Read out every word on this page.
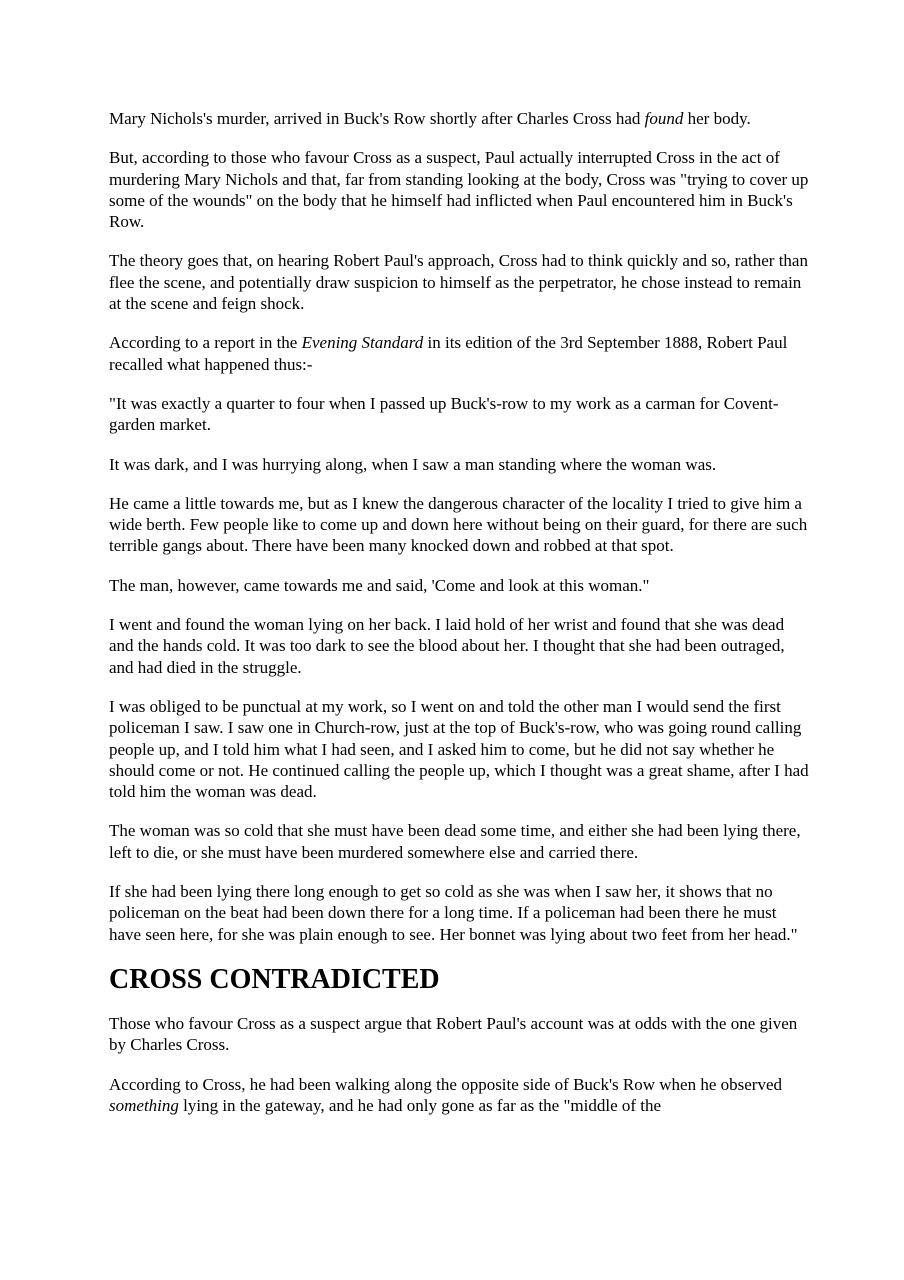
Mary Nichols's murder, arrived in Buck's Row shortly after Charles Cross had found her body.

But, according to those who favour Cross as a suspect, Paul actually interrupted Cross in the act of murdering Mary Nichols and that, far from standing looking at the body, Cross was "trying to cover up some of the wounds" on the body that he himself had inflicted when Paul encountered him in Buck's Row.

The theory goes that, on hearing Robert Paul's approach, Cross had to think quickly and so, rather than flee the scene, and potentially draw suspicion to himself as the perpetrator, he chose instead to remain at the scene and feign shock.

According to a report in the Evening Standard in its edition of the 3rd September 1888, Robert Paul recalled what happened thus:-

"It was exactly a quarter to four when I passed up Buck's-row to my work as a carman for Covent-garden market.

It was dark, and I was hurrying along, when I saw a man standing where the woman was.

He came a little towards me, but as I knew the dangerous character of the locality I tried to give him a wide berth. Few people like to come up and down here without being on their guard, for there are such terrible gangs about. There have been many knocked down and robbed at that spot.

The man, however, came towards me and said, 'Come and look at this woman."

I went and found the woman lying on her back. I laid hold of her wrist and found that she was dead and the hands cold. It was too dark to see the blood about her. I thought that she had been outraged, and had died in the struggle.

I was obliged to be punctual at my work, so I went on and told the other man I would send the first policeman I saw. I saw one in Church-row, just at the top of Buck's-row, who was going round calling people up, and I told him what I had seen, and I asked him to come, but he did not say whether he should come or not. He continued calling the people up, which I thought was a great shame, after I had told him the woman was dead.

The woman was so cold that she must have been dead some time, and either she had been lying there, left to die, or she must have been murdered somewhere else and carried there.

If she had been lying there long enough to get so cold as she was when I saw her, it shows that no policeman on the beat had been down there for a long time. If a policeman had been there he must have seen here, for she was plain enough to see. Her bonnet was lying about two feet from her head."

CROSS CONTRADICTED

Those who favour Cross as a suspect argue that Robert Paul's account was at odds with the one given by Charles Cross.

According to Cross, he had been walking along the opposite side of Buck's Row when he observed something lying in the gateway, and he had only gone as far as the "middle of the
